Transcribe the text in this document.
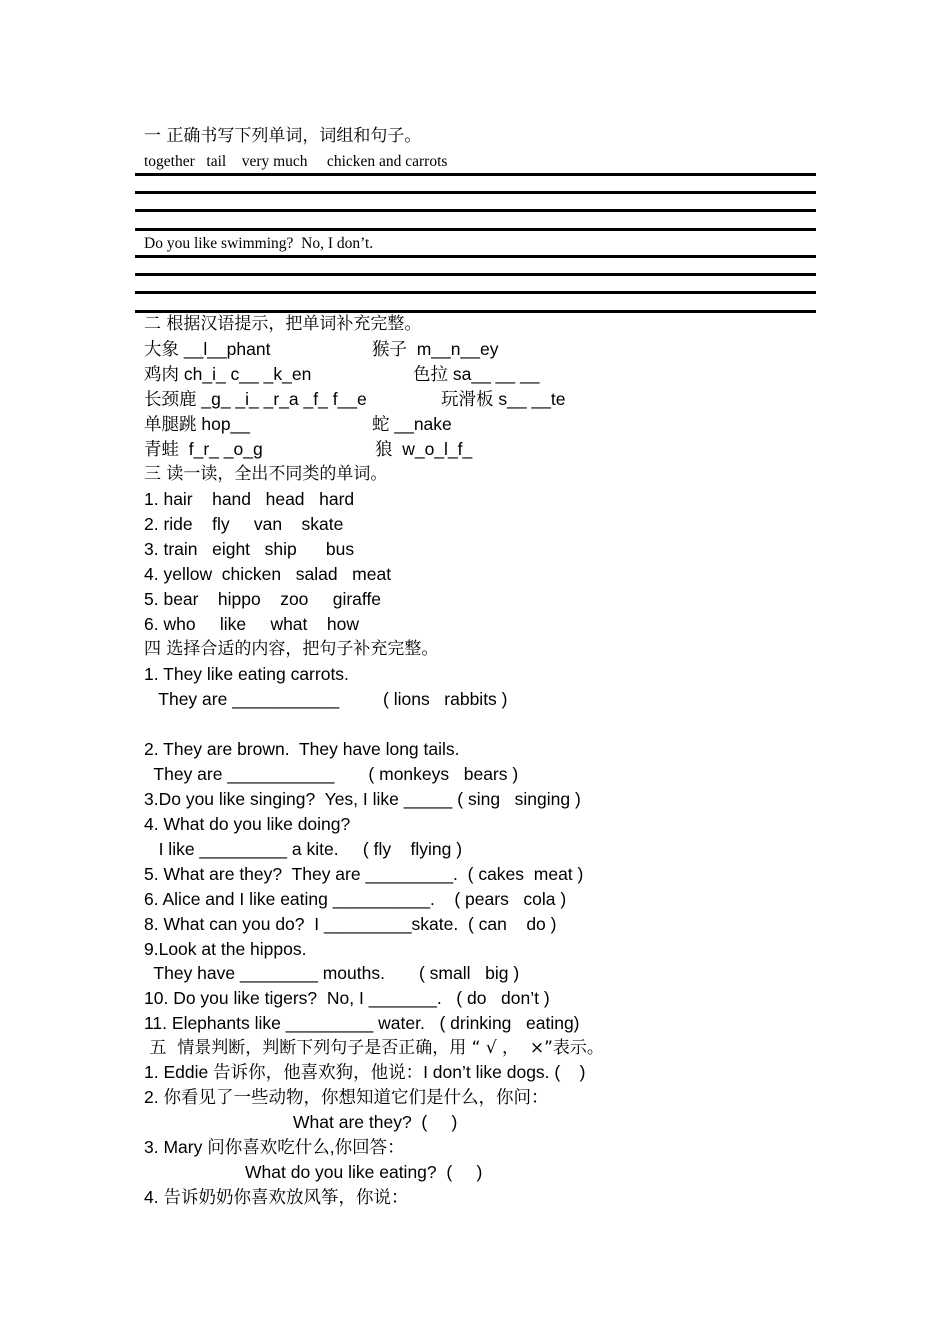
一 正确书写下列单词，词组和句子。
together   tail    very much     chicken and carrots
Do you like swimming?  No, I don’t.
二 根据汉语提示，把单词补充完整。
大象 __l__phant	猴子  m__n__ey
鸡肉 ch_i_ c__ _k_en	色拉 sa__ __ __
长颈鹿 _g_ _i_ _r_a _f_ f__e	玩滑板 s__ __te
单腿跳 hop__	蛇 __nake
青蛙  f_r_ _o_g	狼  w_o_l_f_
三 读一读，全出不同类的单词。
1. hair    hand   head   hard
2. ride    fly     van    skate
3. train   eight   ship      bus
4. yellow  chicken   salad   meat
5. bear    hippo    zoo     giraffe
6. who     like     what    how
四 选择合适的内容，把句子补充完整。
1. They like eating carrots.
They are ___________         ( lions   rabbits )
2. They are brown.  They have long tails.
They are ___________       ( monkeys   bears )
3.Do you like singing?  Yes, I like _____ ( sing   singing )
4. What do you like doing?
I like _________ a kite.     ( fly    flying )
5. What are they?  They are _________.  ( cakes  meat )
6. Alice and I like eating __________.    ( pears   cola )
8. What can you do?  I _________skate.  ( can    do )
9.Look at the hippos.
They have ________ mouths.       ( small   big )
10. Do you like tigers?  No, I _______.   ( do   don’t )
11. Elephants like _________ water.   ( drinking   eating)
五  情景判断，判断下列句子是否正确，用 “ √ ，  ×”表示。
1. Eddie 告诉你，他喜欢狗，他说：I don’t like dogs. (    )
2. 你看见了一些动物，你想知道它们是什么，你问：
What are they?  (     )
3. Mary 问你喜欢吃什么,你回答：
What do you like eating?  (     )
4. 告诉奶奶你喜欢放风筝，你说：
